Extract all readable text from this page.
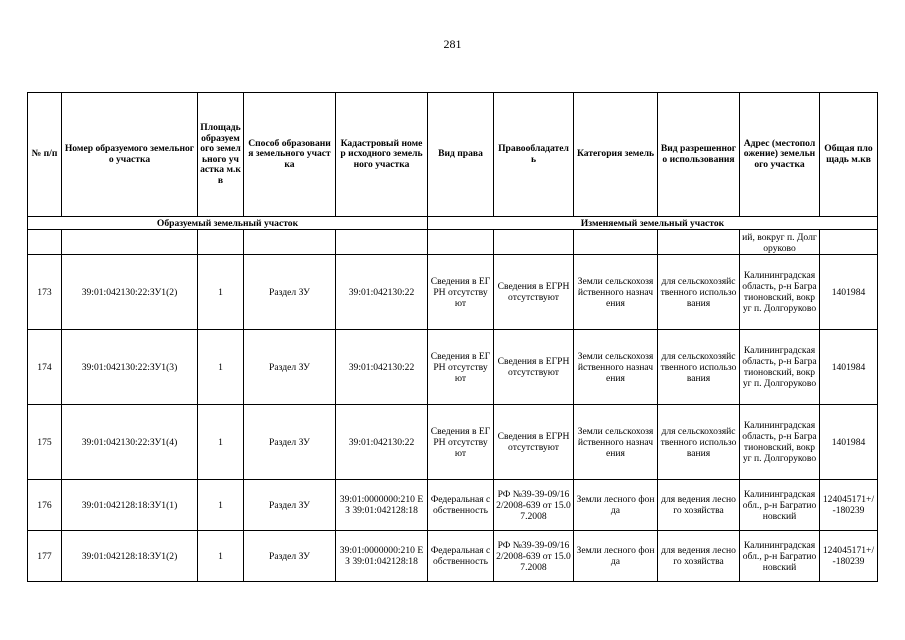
281
№ п/п	Номер образуемого земельного участка	Площадь образуемого земельного участка м.кв	Способ образования земельного участка	Кадастровый номер исходного земельного участка	Вид права	Правообладатель	Категория земель	Вид разрешенного использования	Адрес (местоположение) земельного участка	Общая площадь м.кв
Образуемый земельный участок					Изменяемый земельный участок					
									ий, вокруг п. Долгоруково	
173	39:01:042130:22:ЗУ1(2)	1	Раздел ЗУ	39:01:042130:22	Сведения в ЕГРН отсутствуют	Сведения в ЕГРН отсутствуют	Земли сельскохозяйственного назначения	для сельскохозяйственного использования	Калининградская область, р-н Багратионовский, вокруг п. Долгоруково	1401984
174	39:01:042130:22:ЗУ1(3)	1	Раздел ЗУ	39:01:042130:22	Сведения в ЕГРН отсутствуют	Сведения в ЕГРН отсутствуют	Земли сельскохозяйственного назначения	для сельскохозяйственного использования	Калининградская область, р-н Багратионовский, вокруг п. Долгоруково	1401984
175	39:01:042130:22:ЗУ1(4)	1	Раздел ЗУ	39:01:042130:22	Сведения в ЕГРН отсутствуют	Сведения в ЕГРН отсутствуют	Земли сельскохозяйственного назначения	для сельскохозяйственного использования	Калининградская область, р-н Багратионовский, вокруг п. Долгоруково	1401984
176	39:01:042128:18:ЗУ1(1)	1	Раздел ЗУ	39:01:0000000:210 ЕЗ 39:01:042128:18	Федеральная собственность	РФ №39-39-09/162/2008-639 от 15.07.2008	Земли лесного фонда	для ведения лесного хозяйства	Калининградская обл., р-н Багратионовский	124045171+/-180239
177	39:01:042128:18:ЗУ1(2)	1	Раздел ЗУ	39:01:0000000:210 ЕЗ 39:01:042128:18	Федеральная собственность	РФ №39-39-09/162/2008-639 от 15.07.2008	Земли лесного фонда	для ведения лесного хозяйства	Калининградская обл., р-н Багратионовский	124045171+/-180239
